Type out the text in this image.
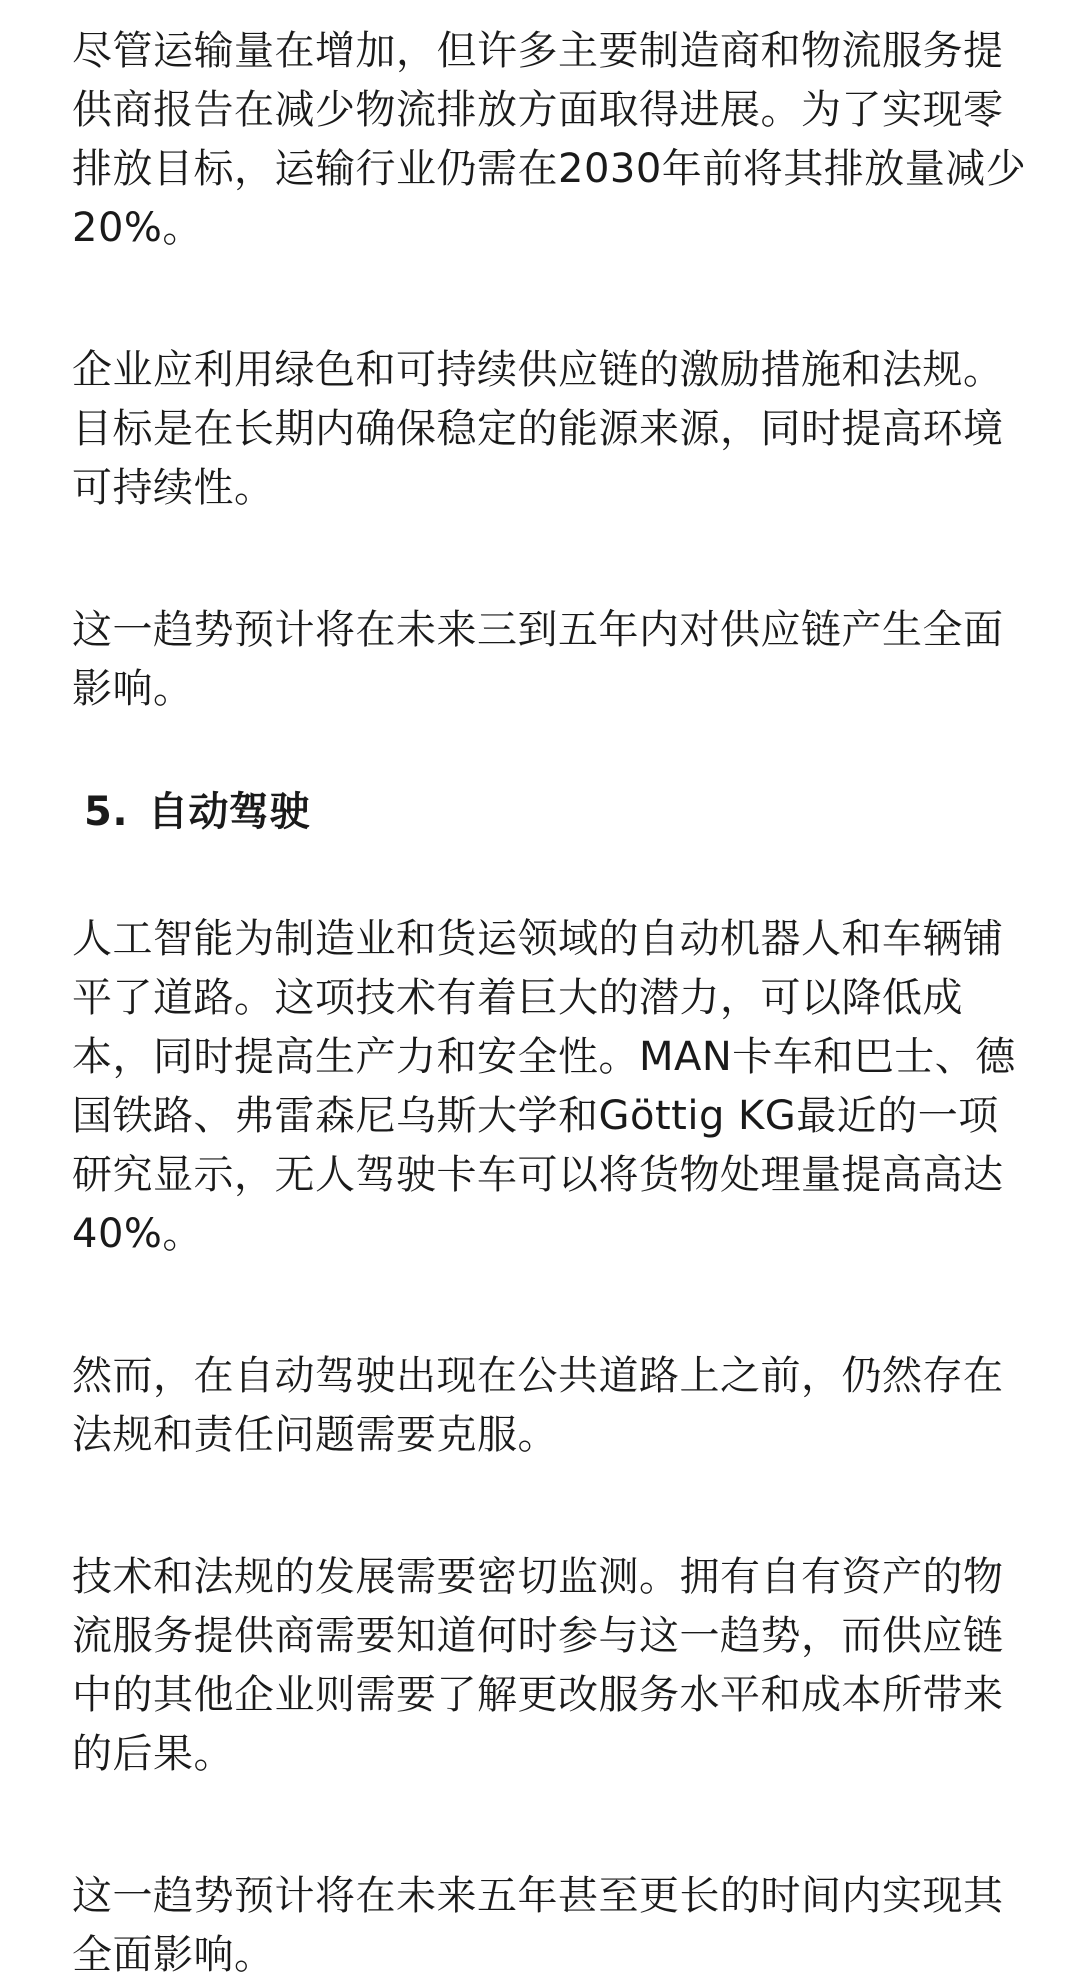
尽管运输量在增加，但许多主要制造商和物流服务提供商报告在减少物流排放方面取得进展。为了实现零排放目标，运输行业仍需在2030年前将其排放量减少20%。

企业应利用绿色和可持续供应链的激励措施和法规。目标是在长期内确保稳定的能源来源，同时提高环境可持续性。

这一趋势预计将在未来三到五年内对供应链产生全面影响。

5. 自动驾驶

人工智能为制造业和货运领域的自动机器人和车辆铺平了道路。这项技术有着巨大的潜力，可以降低成本，同时提高生产力和安全性。MAN卡车和巴士、德国铁路、弗雷森尼乌斯大学和Göttig KG最近的一项研究显示，无人驾驶卡车可以将货物处理量提高高达40%。

然而，在自动驾驶出现在公共道路上之前，仍然存在法规和责任问题需要克服。

技术和法规的发展需要密切监测。拥有自有资产的物流服务提供商需要知道何时参与这一趋势，而供应链中的其他企业则需要了解更改服务水平和成本所带来的后果。

这一趋势预计将在未来五年甚至更长的时间内实现其全面影响。
